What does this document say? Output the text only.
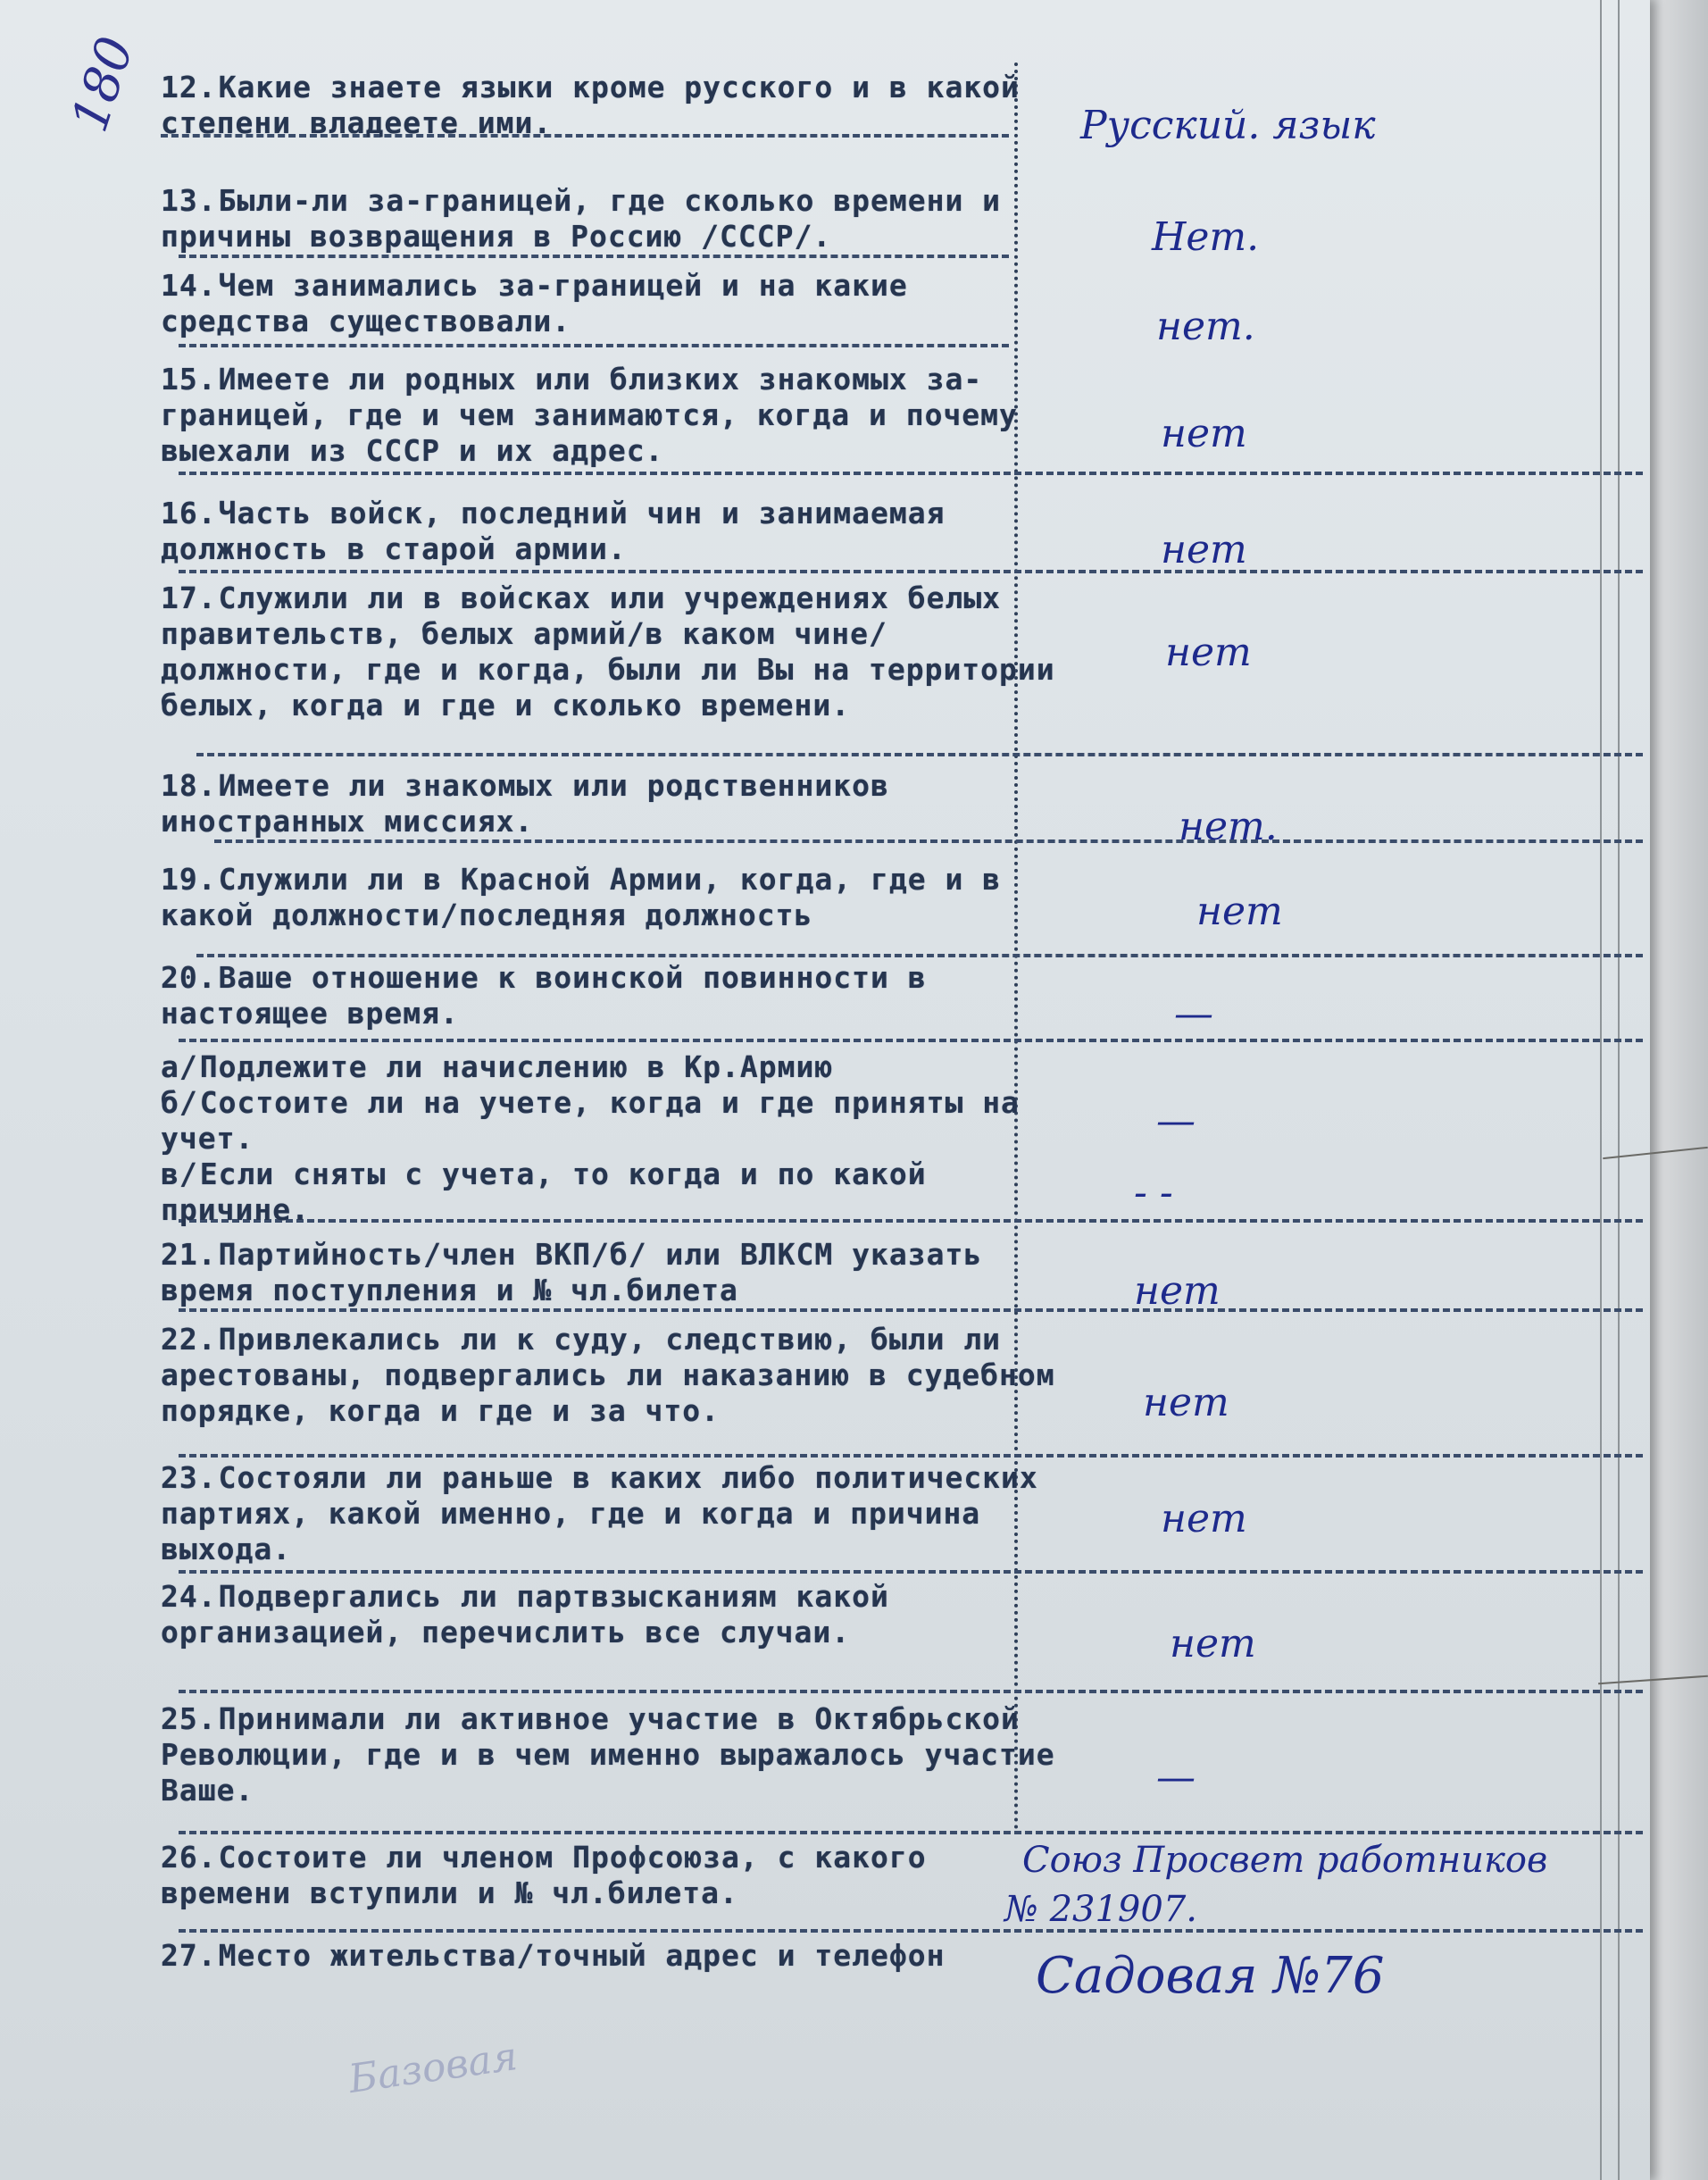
180 12.Какие знаете языки кроме русского и в какой степени владеете ими.
13.Были-ли за-границей, где сколько времени и причины возвращения в Россию /СССР/.
14.Чем занимались за-границей и на какие средства существовали.
15.Имеете ли родных или близких знакомых за-границей, где и чем занимаются, когда и почему выехали из СССР и их адрес.
16.Часть войск, последний чин и занимаемая должность в старой армии.
17.Служили ли в войсках или учреждениях белых правительств, белых армий/в каком чине/должности, где и когда, были ли Вы на территории белых, когда и где и сколько времени.
18.Имеете ли знакомых или родственников иностранных миссиях.
19.Служили ли в Красной Армии, когда, где и в какой должности/последняя должность
20.Ваше отношение к воинской повинности в настоящее время.
а/Подлежите ли начислению в Кр.Армию
б/Состоите ли на учете, когда и где приняты на учет.
в/Если сняты с учета, то когда и по какой причине.
21.Партийность/член ВКП/б/ или ВЛКСМ указать время поступления и № чл.билета
22.Привлекались ли к суду, следствию, были ли арестованы, подвергались ли наказанию в судебном порядке, когда и где и за что.
23.Состояли ли раньше в каких либо политических партиях, какой именно, где и когда и причина выхода.
24.Подвергались ли партвзысканиям какой организацией, перечислить все случаи.
25.Принимали ли активное участие в Октябрьской Революции, где и в чем именно выражалось участие Ваше.
26.Состоите ли членом Профсоюза, с какого времени вступили и № чл.билета.
27.Место жительства/точный адрес и телефон
Русский. язык
Нет.
нет.
нет
нет
нет
нет.
нет
—
—
- -
нет
нет
нет
нет
—
Союз Просвет работников
№ 231907.
Садовая №76
Базовая
